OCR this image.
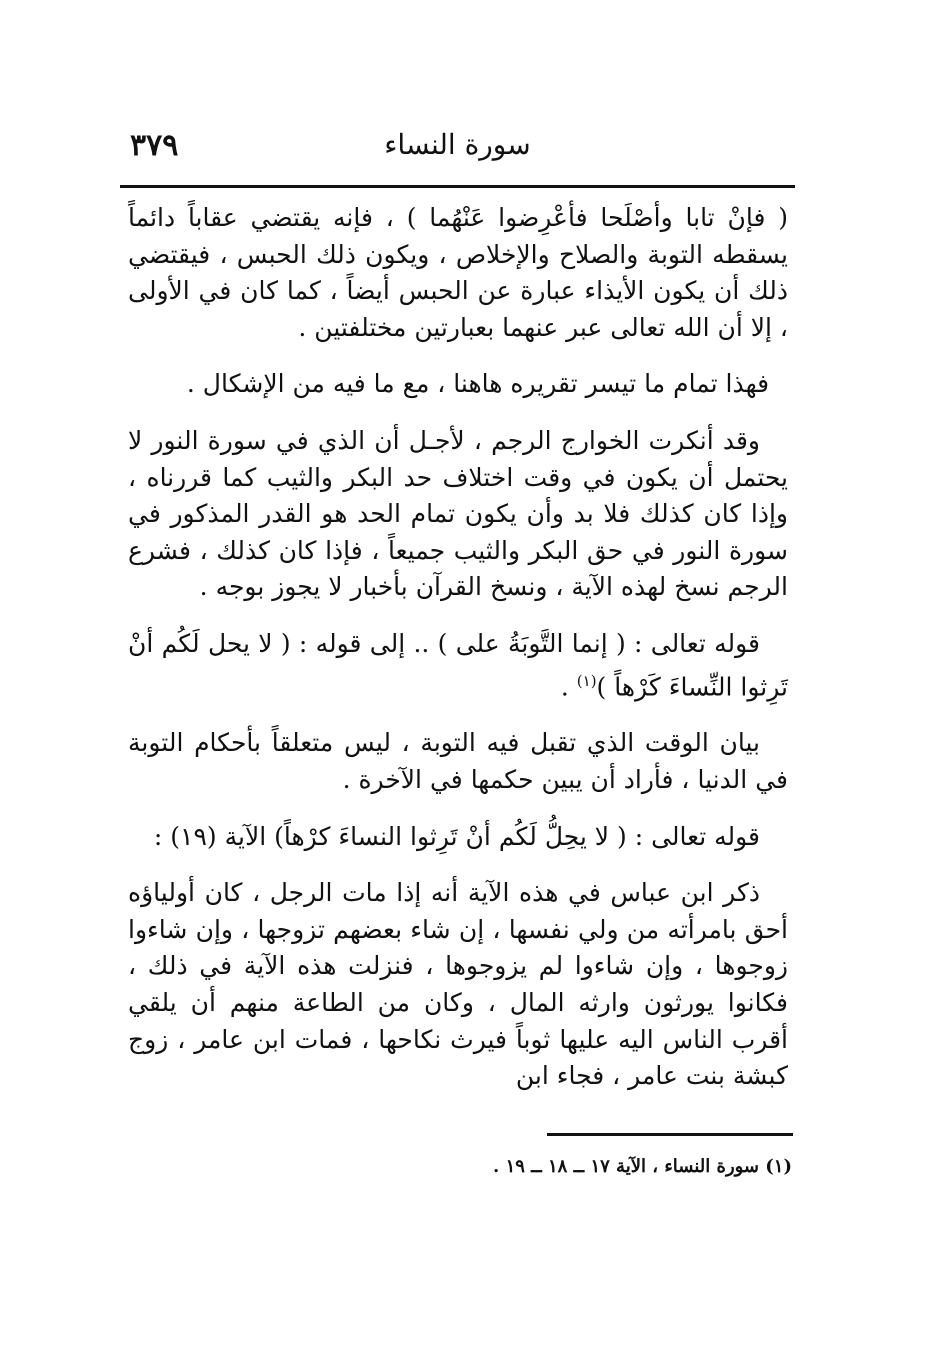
٣٧٩	سورة النساء

( فإنْ تابا وأصْلَحا فأعْرِضوا عَنْهُما ) ، فإنه يقتضي عقاباً دائماً يسقطه التوبة والصلاح والإخلاص ، ويكون ذلك الحبس ، فيقتضي ذلك أن يكون الأيذاء عبارة عن الحبس أيضاً ، كما كان في الأولى ، إلا أن الله تعالى عبر عنهما بعبارتين مختلفتين .

فهذا تمام ما تيسر تقريره هاهنا ، مع ما فيه من الإشكال .

وقد أنكرت الخوارج الرجم ، لأجـل أن الذي في سورة النور لا يحتمل أن يكون في وقت اختلاف حد البكر والثيب كما قررناه ، وإذا كان كذلك فلا بد وأن يكون تمام الحد هو القدر المذكور في سورة النور في حق البكر والثيب جميعاً ، فإذا كان كذلك ، فشرع الرجم نسخ لهذه الآية ، ونسخ القرآن بأخبار لا يجوز بوجه .

قوله تعالى : ( إنما التَّوبَةُ على ) .. إلى قوله : ( لا يحل لَكُم أنْ تَرِثوا النِّساءَ كَرْهاً )$^{(١)}$ .

بيان الوقت الذي تقبل فيه التوبة ، ليس متعلقاً بأحكام التوبة في الدنيا ، فأراد أن يبين حكمها في الآخرة .

قوله تعالى : ( لا يحِلُّ لَكُم أنْ تَرِثوا النساءَ كرْهاً) الآية (١٩) :

ذكر ابن عباس في هذه الآية أنه إذا مات الرجل ، كان أولياؤه أحق بامرأته من ولي نفسها ، إن شاء بعضهم تزوجها ، وإن شاءوا زوجوها ، وإن شاءوا لم يزوجوها ، فنزلت هذه الآية في ذلك ، فكانوا يورثون وارثه المال ، وكان من الطاعة منهم أن يلقي أقرب الناس اليه عليها ثوباً فيرث نكاحها ، فمات ابن عامر ، زوج كبشة بنت عامر ، فجاء ابن

(١) سورة النساء ، الآية ١٧ ــ ١٨ ــ ١٩ .
